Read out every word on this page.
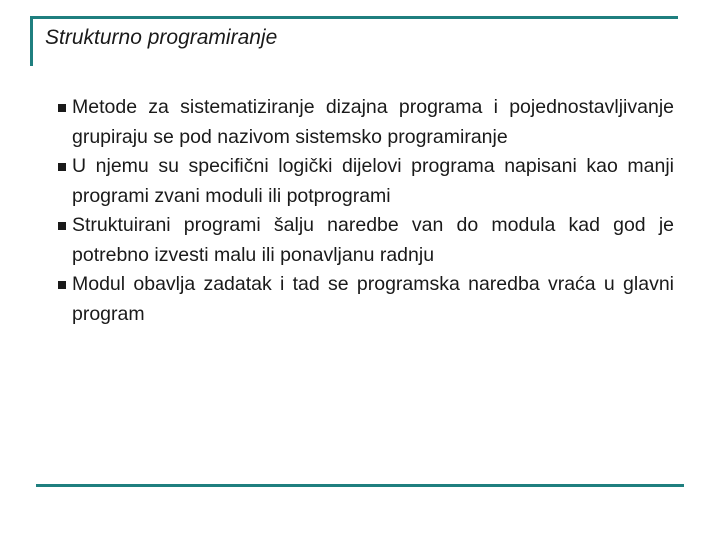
Strukturno programiranje
Metode za sistematiziranje dizajna programa i pojednostavljivanje grupiraju se pod nazivom sistemsko programiranje
U njemu su specifični logički dijelovi programa napisani kao manji programi zvani moduli ili potprogrami
Struktuirani programi šalju naredbe van do modula kad god je potrebno izvesti malu ili ponavljanu radnju
Modul obavlja zadatak i tad se programska naredba vraća u glavni program
